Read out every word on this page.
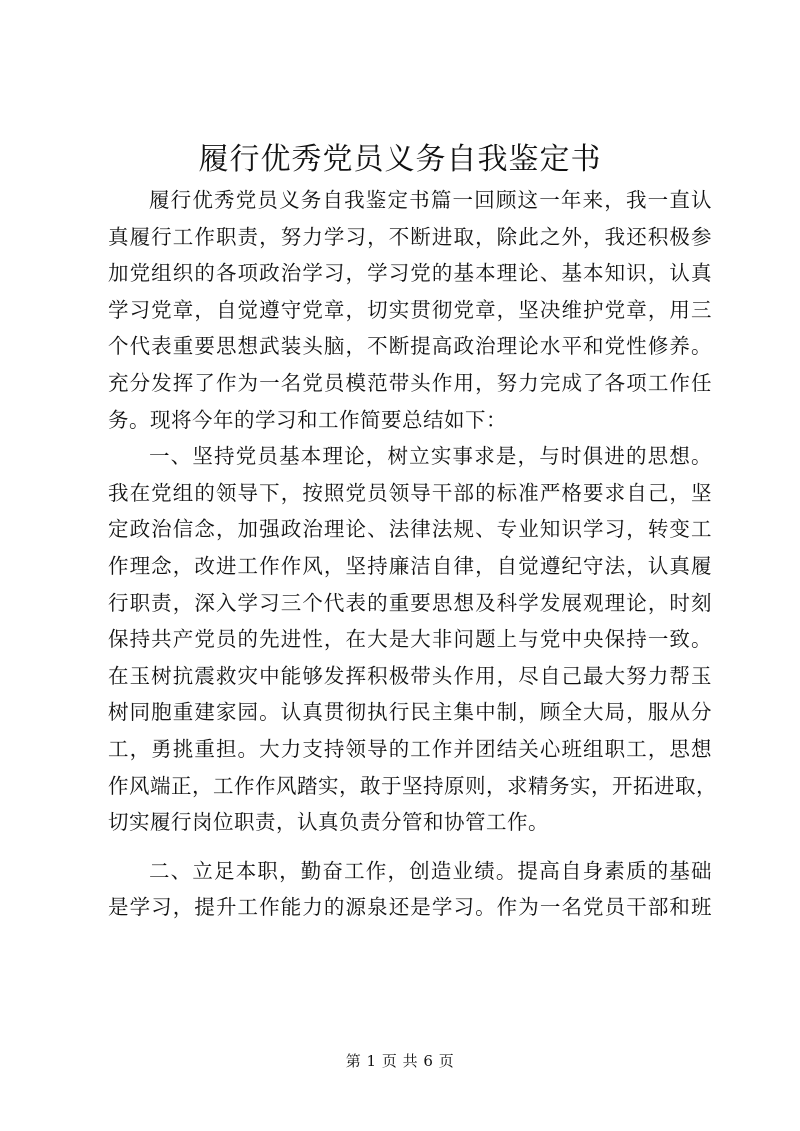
履行优秀党员义务自我鉴定书
履行优秀党员义务自我鉴定书篇一回顾这一年来，我一直认
真履行工作职责，努力学习，不断进取，除此之外，我还积极参
加党组织的各项政治学习，学习党的基本理论、基本知识，认真
学习党章，自觉遵守党章，切实贯彻党章，坚决维护党章，用三
个代表重要思想武装头脑，不断提高政治理论水平和党性修养。
充分发挥了作为一名党员模范带头作用，努力完成了各项工作任
务。现将今年的学习和工作简要总结如下：
一、坚持党员基本理论，树立实事求是，与时俱进的思想。
我在党组的领导下，按照党员领导干部的标准严格要求自己，坚
定政治信念，加强政治理论、法律法规、专业知识学习，转变工
作理念，改进工作作风，坚持廉洁自律，自觉遵纪守法，认真履
行职责，深入学习三个代表的重要思想及科学发展观理论，时刻
保持共产党员的先进性，在大是大非问题上与党中央保持一致。
在玉树抗震救灾中能够发挥积极带头作用，尽自己最大努力帮玉
树同胞重建家园。认真贯彻执行民主集中制，顾全大局，服从分
工，勇挑重担。大力支持领导的工作并团结关心班组职工，思想
作风端正，工作作风踏实，敢于坚持原则，求精务实，开拓进取，
切实履行岗位职责，认真负责分管和协管工作。
二、立足本职，勤奋工作，创造业绩。提高自身素质的基础
是学习，提升工作能力的源泉还是学习。作为一名党员干部和班
第 1 页 共 6 页
